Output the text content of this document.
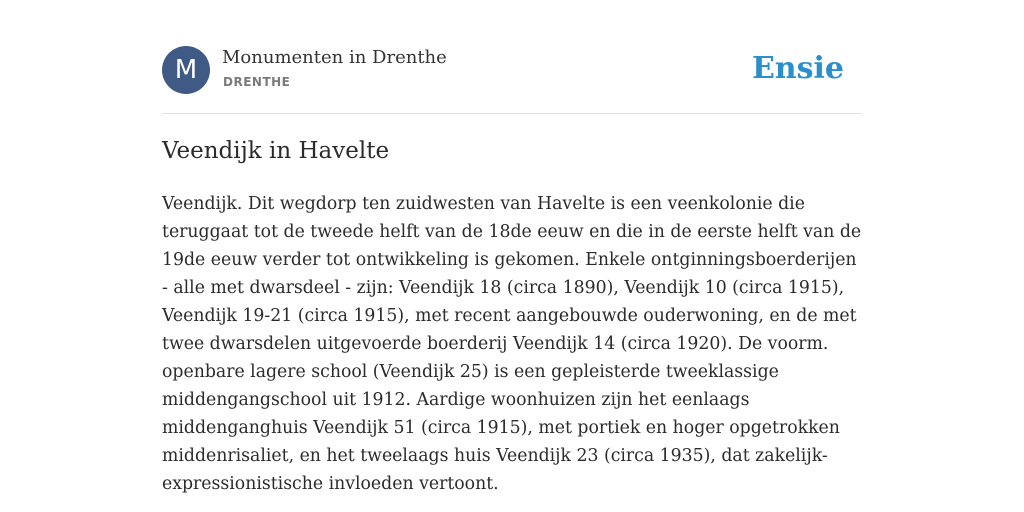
M	Monumenten in Drenthe
DRENTHE	Ensie
Veendijk in Havelte

Veendijk. Dit wegdorp ten zuidwesten van Havelte is een veenkolonie die teruggaat tot de tweede helft van de 18de eeuw en die in de eerste helft van de 19de eeuw verder tot ontwikkeling is gekomen. Enkele ontginningsboerderijen - alle met dwarsdeel - zijn: Veendijk 18 (circa 1890), Veendijk 10 (circa 1915), Veendijk 19-21 (circa 1915), met recent aangebouwde ouderwoning, en de met twee dwarsdelen uitgevoerde boerderij Veendijk 14 (circa 1920). De voorm. openbare lagere school (Veendijk 25) is een gepleisterde tweeklassige middengangschool uit 1912. Aardige woonhuizen zijn het eenlaags middenganghuis Veendijk 51 (circa 1915), met portiek en hoger opgetrokken middenrisaliet, en het tweelaags huis Veendijk 23 (circa 1935), dat zakelijk-expressionistische invloeden vertoont.
